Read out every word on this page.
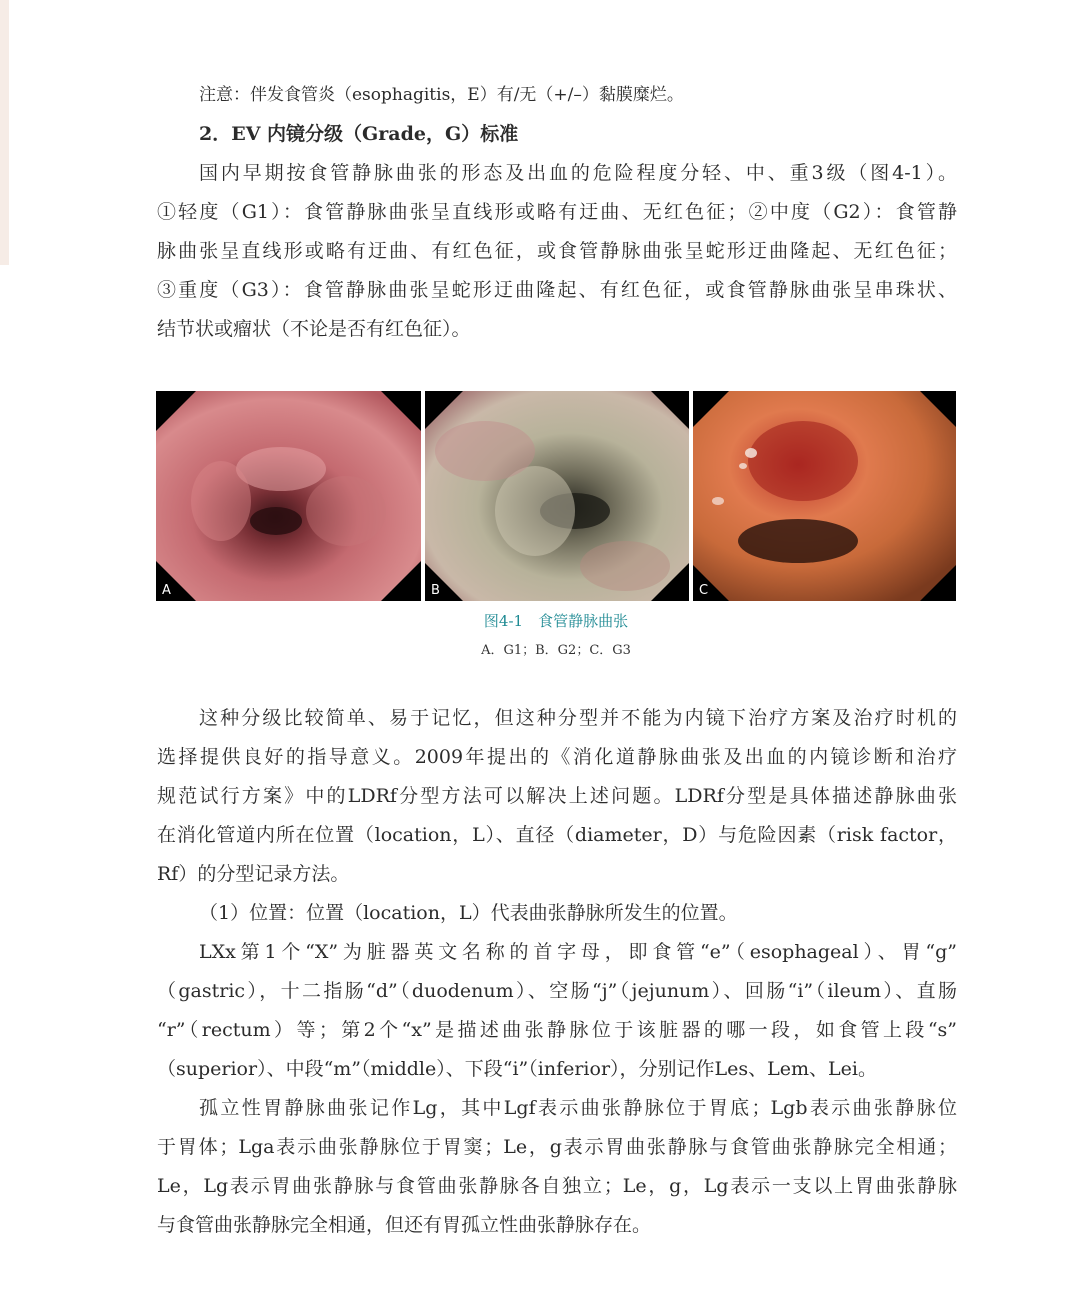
注意：伴发食管炎（esophagitis，E）有/无（+/–）黏膜糜烂。
2．EV 内镜分级（Grade，G）标准
国内早期按食管静脉曲张的形态及出血的危险程度分轻、中、重3级（图4-1）。
①轻度（G1）：食管静脉曲张呈直线形或略有迂曲、无红色征；②中度（G2）：食管静
脉曲张呈直线形或略有迂曲、有红色征，或食管静脉曲张呈蛇形迂曲隆起、无红色征；
③重度（G3）：食管静脉曲张呈蛇形迂曲隆起、有红色征，或食管静脉曲张呈串珠状、
结节状或瘤状（不论是否有红色征）。
A	B	C
图4-1　食管静脉曲张
A．G1；B．G2；C．G3
这种分级比较简单、易于记忆，但这种分型并不能为内镜下治疗方案及治疗时机的
选择提供良好的指导意义。2009年提出的《消化道静脉曲张及出血的内镜诊断和治疗
规范试行方案》中的LDRf分型方法可以解决上述问题。LDRf分型是具体描述静脉曲张
在消化管道内所在位置（location，L）、直径（diameter，D）与危险因素（risk factor，
Rf）的分型记录方法。
（1）位置：位置（location，L）代表曲张静脉所发生的位置。
LXx第1个“X”为脏器英文名称的首字母，即食管“e”（esophageal）、胃“g”
（gastric），十二指肠“d”（duodenum）、空肠“j”（jejunum）、回肠“i”（ileum）、直肠
“r”（rectum）等；第2个“x”是描述曲张静脉位于该脏器的哪一段，如食管上段“s”
（superior）、中段“m”（middle）、下段“i”（inferior），分别记作Les、Lem、Lei。
孤立性胃静脉曲张记作Lg，其中Lgf表示曲张静脉位于胃底；Lgb表示曲张静脉位
于胃体；Lga表示曲张静脉位于胃窦；Le，g表示胃曲张静脉与食管曲张静脉完全相通；
Le，Lg表示胃曲张静脉与食管曲张静脉各自独立；Le，g，Lg表示一支以上胃曲张静脉
与食管曲张静脉完全相通，但还有胃孤立性曲张静脉存在。
